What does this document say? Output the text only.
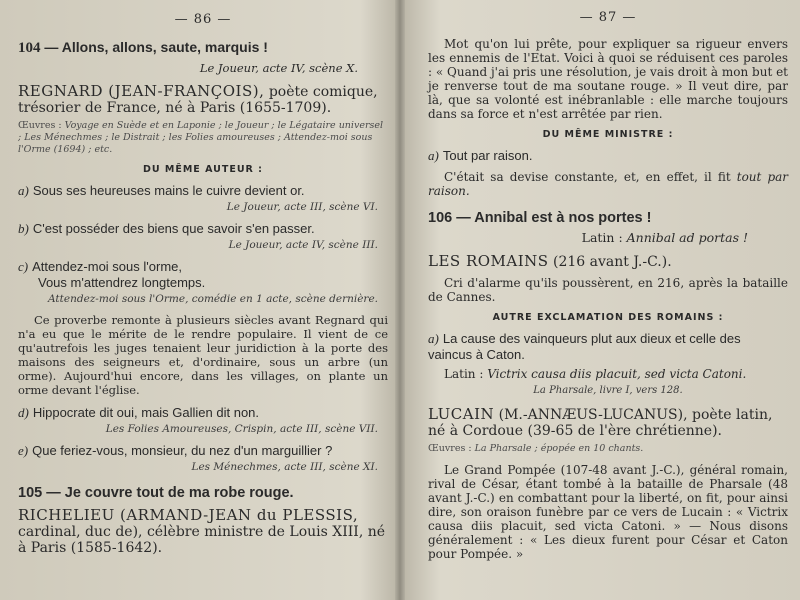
— 86 —
104 — Allons, allons, saute, marquis !
Le Joueur, acte IV, scène X.
REGNARD (JEAN-FRANÇOIS), poète comique, trésorier de France, né à Paris (1655-1709).
Œuvres : Voyage en Suède et en Laponie ; le Joueur ; le Légataire universel ; Les Ménechmes ; le Distrait ; les Folies amoureuses ; Attendez-moi sous l'Orme (1694) ; etc.
DU MÊME AUTEUR :
a) Sous ses heureuses mains le cuivre devient or.
Le Joueur, acte III, scène VI.
b) C'est posséder des biens que savoir s'en passer.
Le Joueur, acte IV, scène III.
c) Attendez-moi sous l'orme,
Vous m'attendrez longtemps.
Attendez-moi sous l'Orme, comédie en 1 acte, scène dernière.
Ce proverbe remonte à plusieurs siècles avant Regnard qui n'a eu que le mérite de le rendre populaire. Il vient de ce qu'autrefois les juges tenaient leur juridiction à la porte des maisons des seigneurs et, d'ordinaire, sous un arbre (un orme). Aujourd'hui encore, dans les villages, on plante un orme devant l'église.
d) Hippocrate dit oui, mais Gallien dit non.
Les Folies Amoureuses, Crispin, acte III, scène VII.
e) Que feriez-vous, monsieur, du nez d'un marguillier ?
Les Ménechmes, acte III, scène XI.
105 — Je couvre tout de ma robe rouge.
RICHELIEU (ARMAND-JEAN du PLESSIS, cardinal, duc de), célèbre ministre de Louis XIII, né à Paris (1585-1642).
— 87 —
Mot qu'on lui prête, pour expliquer sa rigueur envers les ennemis de l'Etat. Voici à quoi se réduisent ces paroles : « Quand j'ai pris une résolution, je vais droit à mon but et je renverse tout de ma soutane rouge. » Il veut dire, par là, que sa volonté est inébranlable : elle marche toujours dans sa force et n'est arrêtée par rien.
DU MÊME MINISTRE :
a) Tout par raison.
C'était sa devise constante, et, en effet, il fit tout par raison.
106 — Annibal est à nos portes !
Latin : Annibal ad portas !
LES ROMAINS (216 avant J.-C.).
Cri d'alarme qu'ils poussèrent, en 216, après la bataille de Cannes.
AUTRE EXCLAMATION DES ROMAINS :
a) La cause des vainqueurs plut aux dieux et celle des vaincus à Caton.
Latin : Victrix causa diis placuit, sed victa Catoni.
La Pharsale, livre I, vers 128.
LUCAIN (M.-ANNÆUS-LUCANUS), poète latin, né à Cordoue (39-65 de l'ère chrétienne).
Œuvres : La Pharsale ; épopée en 10 chants.
Le Grand Pompée (107-48 avant J.-C.), général romain, rival de César, étant tombé à la bataille de Pharsale (48 avant J.-C.) en combattant pour la liberté, on fit, pour ainsi dire, son oraison funèbre par ce vers de Lucain : « Victrix causa diis placuit, sed victa Catoni. » — Nous disons généralement : « Les dieux furent pour César et Caton pour Pompée. »
